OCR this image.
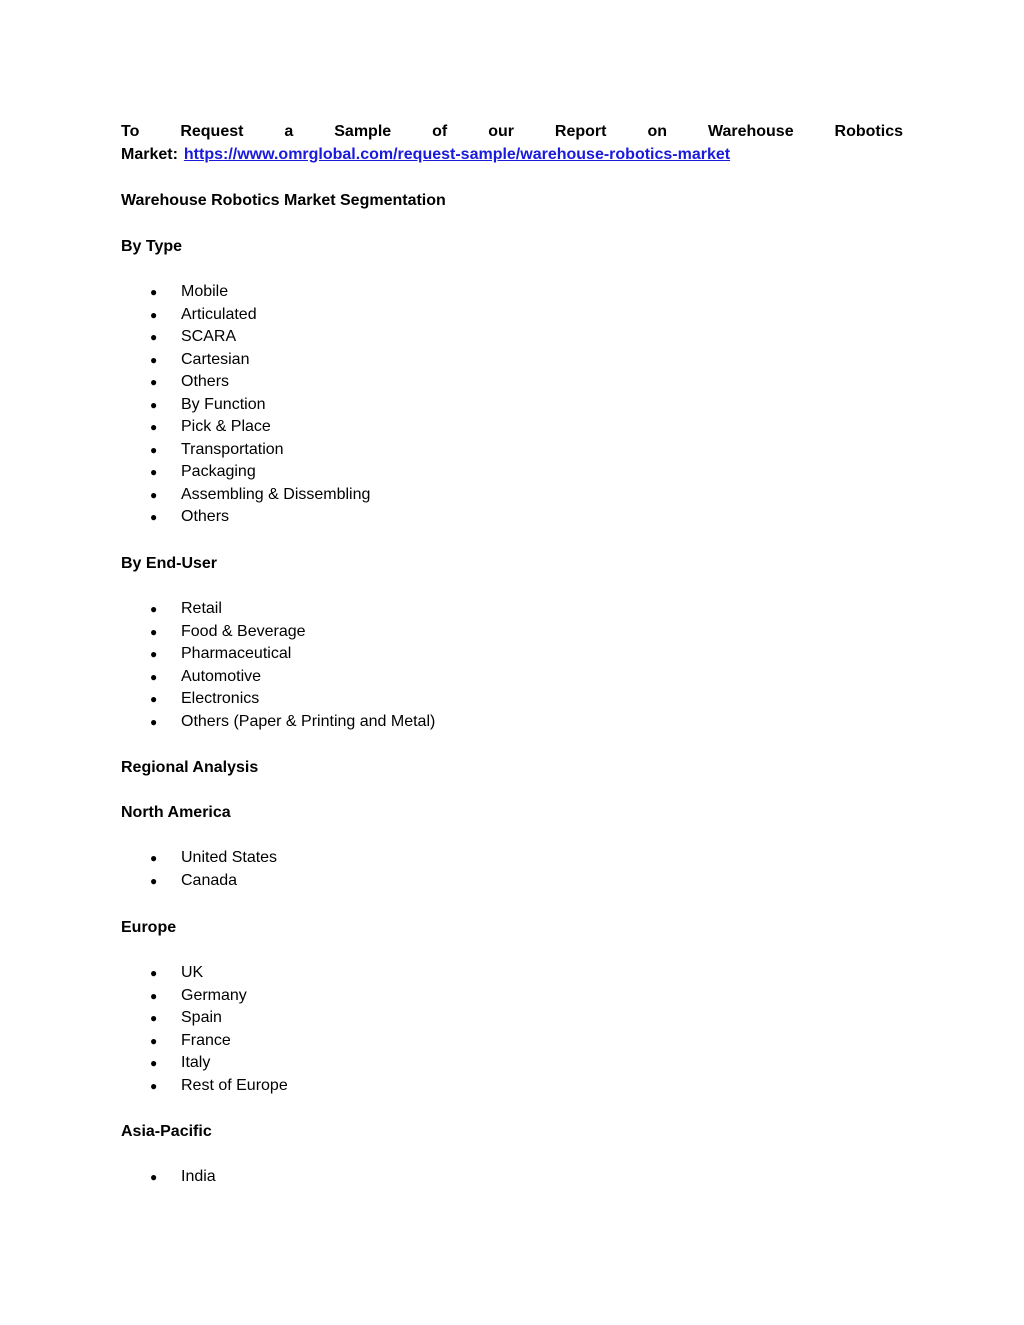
To	Request	a	Sample	of	our	Report	on	Warehouse	Robotics
Market: https://www.omrglobal.com/request-sample/warehouse-robotics-market
Warehouse Robotics Market Segmentation
By Type
● Mobile
● Articulated
● SCARA
● Cartesian
● Others
● By Function
● Pick & Place
● Transportation
● Packaging
● Assembling & Dissembling
● Others
By End-User
● Retail
● Food & Beverage
● Pharmaceutical
● Automotive
● Electronics
● Others (Paper & Printing and Metal)
Regional Analysis
North America
● United States
● Canada
Europe
● UK
● Germany
● Spain
● France
● Italy
● Rest of Europe
Asia-Pacific
● India
